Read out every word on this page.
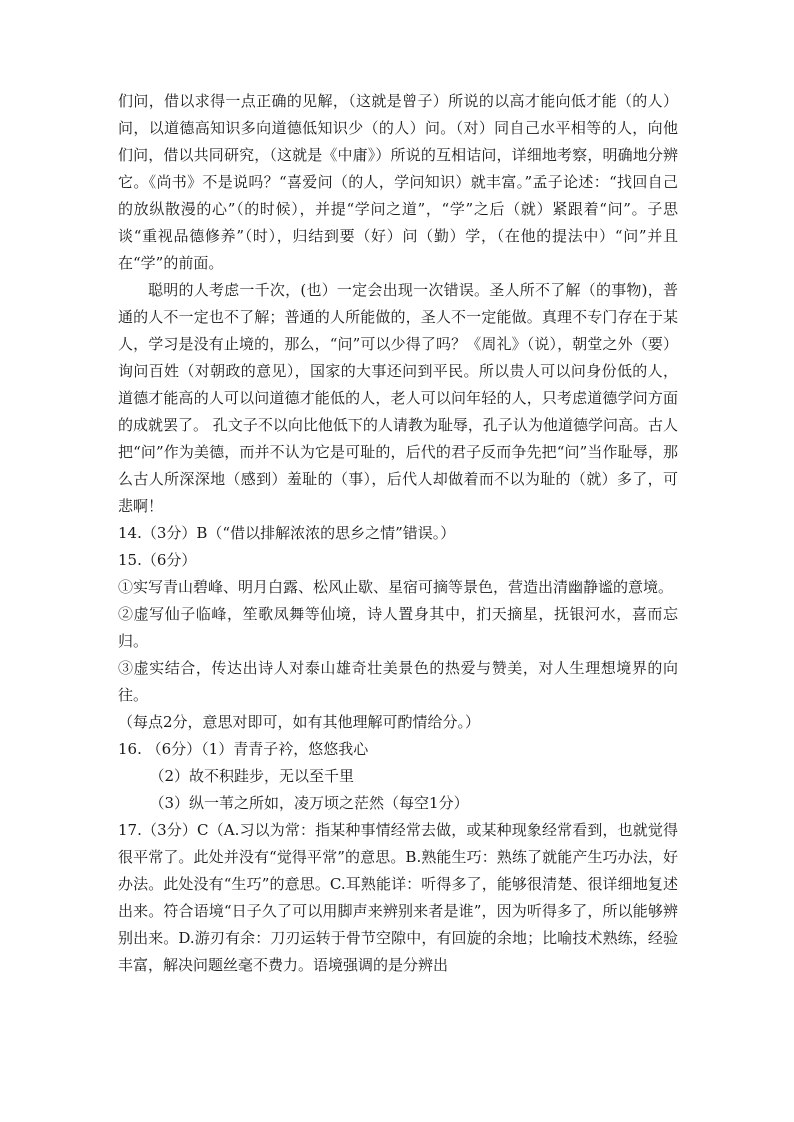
们问，借以求得一点正确的见解，（这就是曾子）所说的以高才能向低才能（的人）问，以道德高知识多向道德低知识少（的人）问。（对）同自己水平相等的人，向他们问，借以共同研究，（这就是《中庸》）所说的互相诘问，详细地考察，明确地分辨它。《尚书》不是说吗？“喜爱问（的人，学问知识）就丰富。”孟子论述：“找回自己的放纵散漫的心”（的时候），并提“学问之道”，“学”之后（就）紧跟着“问”。子思谈“重视品德修养”（时），归结到要（好）问（勤）学，（在他的提法中）“问”并且在“学”的前面。

聪明的人考虑一千次，(也）一定会出现一次错误。圣人所不了解（的事物)，普通的人不一定也不了解；普通的人所能做的，圣人不一定能做。真理不专门存在于某人，学习是没有止境的，那么，“问”可以少得了吗？《周礼》（说），朝堂之外（要）询问百姓（对朝政的意见），国家的大事还问到平民。所以贵人可以问身份低的人，道德才能高的人可以问道德才能低的人，老人可以问年轻的人，只考虑道德学问方面的成就罢了。 孔文子不以向比他低下的人请教为耻辱，孔子认为他道德学问高。古人把“问”作为美德，而并不认为它是可耻的，后代的君子反而争先把“问”当作耻辱，那么古人所深深地（感到）羞耻的（事），后代人却做着而不以为耻的（就）多了，可悲啊！

14.（3分）B（“借以排解浓浓的思乡之情”错误。）

15.（6分）

①实写青山碧峰、明月白露、松风止歇、星宿可摘等景色，营造出清幽静谧的意境。

②虚写仙子临峰，笙歌凤舞等仙境，诗人置身其中，扪天摘星，抚银河水，喜而忘归。

③虚实结合，传达出诗人对泰山雄奇壮美景色的热爱与赞美，对人生理想境界的向往。

（每点2分，意思对即可，如有其他理解可酌情给分。）

16. （6分）（1）青青子衿，悠悠我心

（2）故不积跬步，无以至千里

（3）纵一苇之所如，凌万顷之茫然（每空1分）

17.（3分）C（A.习以为常：指某种事情经常去做，或某种现象经常看到，也就觉得很平常了。此处并没有“觉得平常”的意思。B.熟能生巧：熟练了就能产生巧办法，好办法。此处没有“生巧”的意思。C.耳熟能详：听得多了，能够很清楚、很详细地复述出来。符合语境“日子久了可以用脚声来辨别来者是谁”，因为听得多了，所以能够辨别出来。D.游刃有余：刀刃运转于骨节空隙中，有回旋的余地；比喻技术熟练，经验丰富，解决问题丝毫不费力。语境强调的是分辨出
